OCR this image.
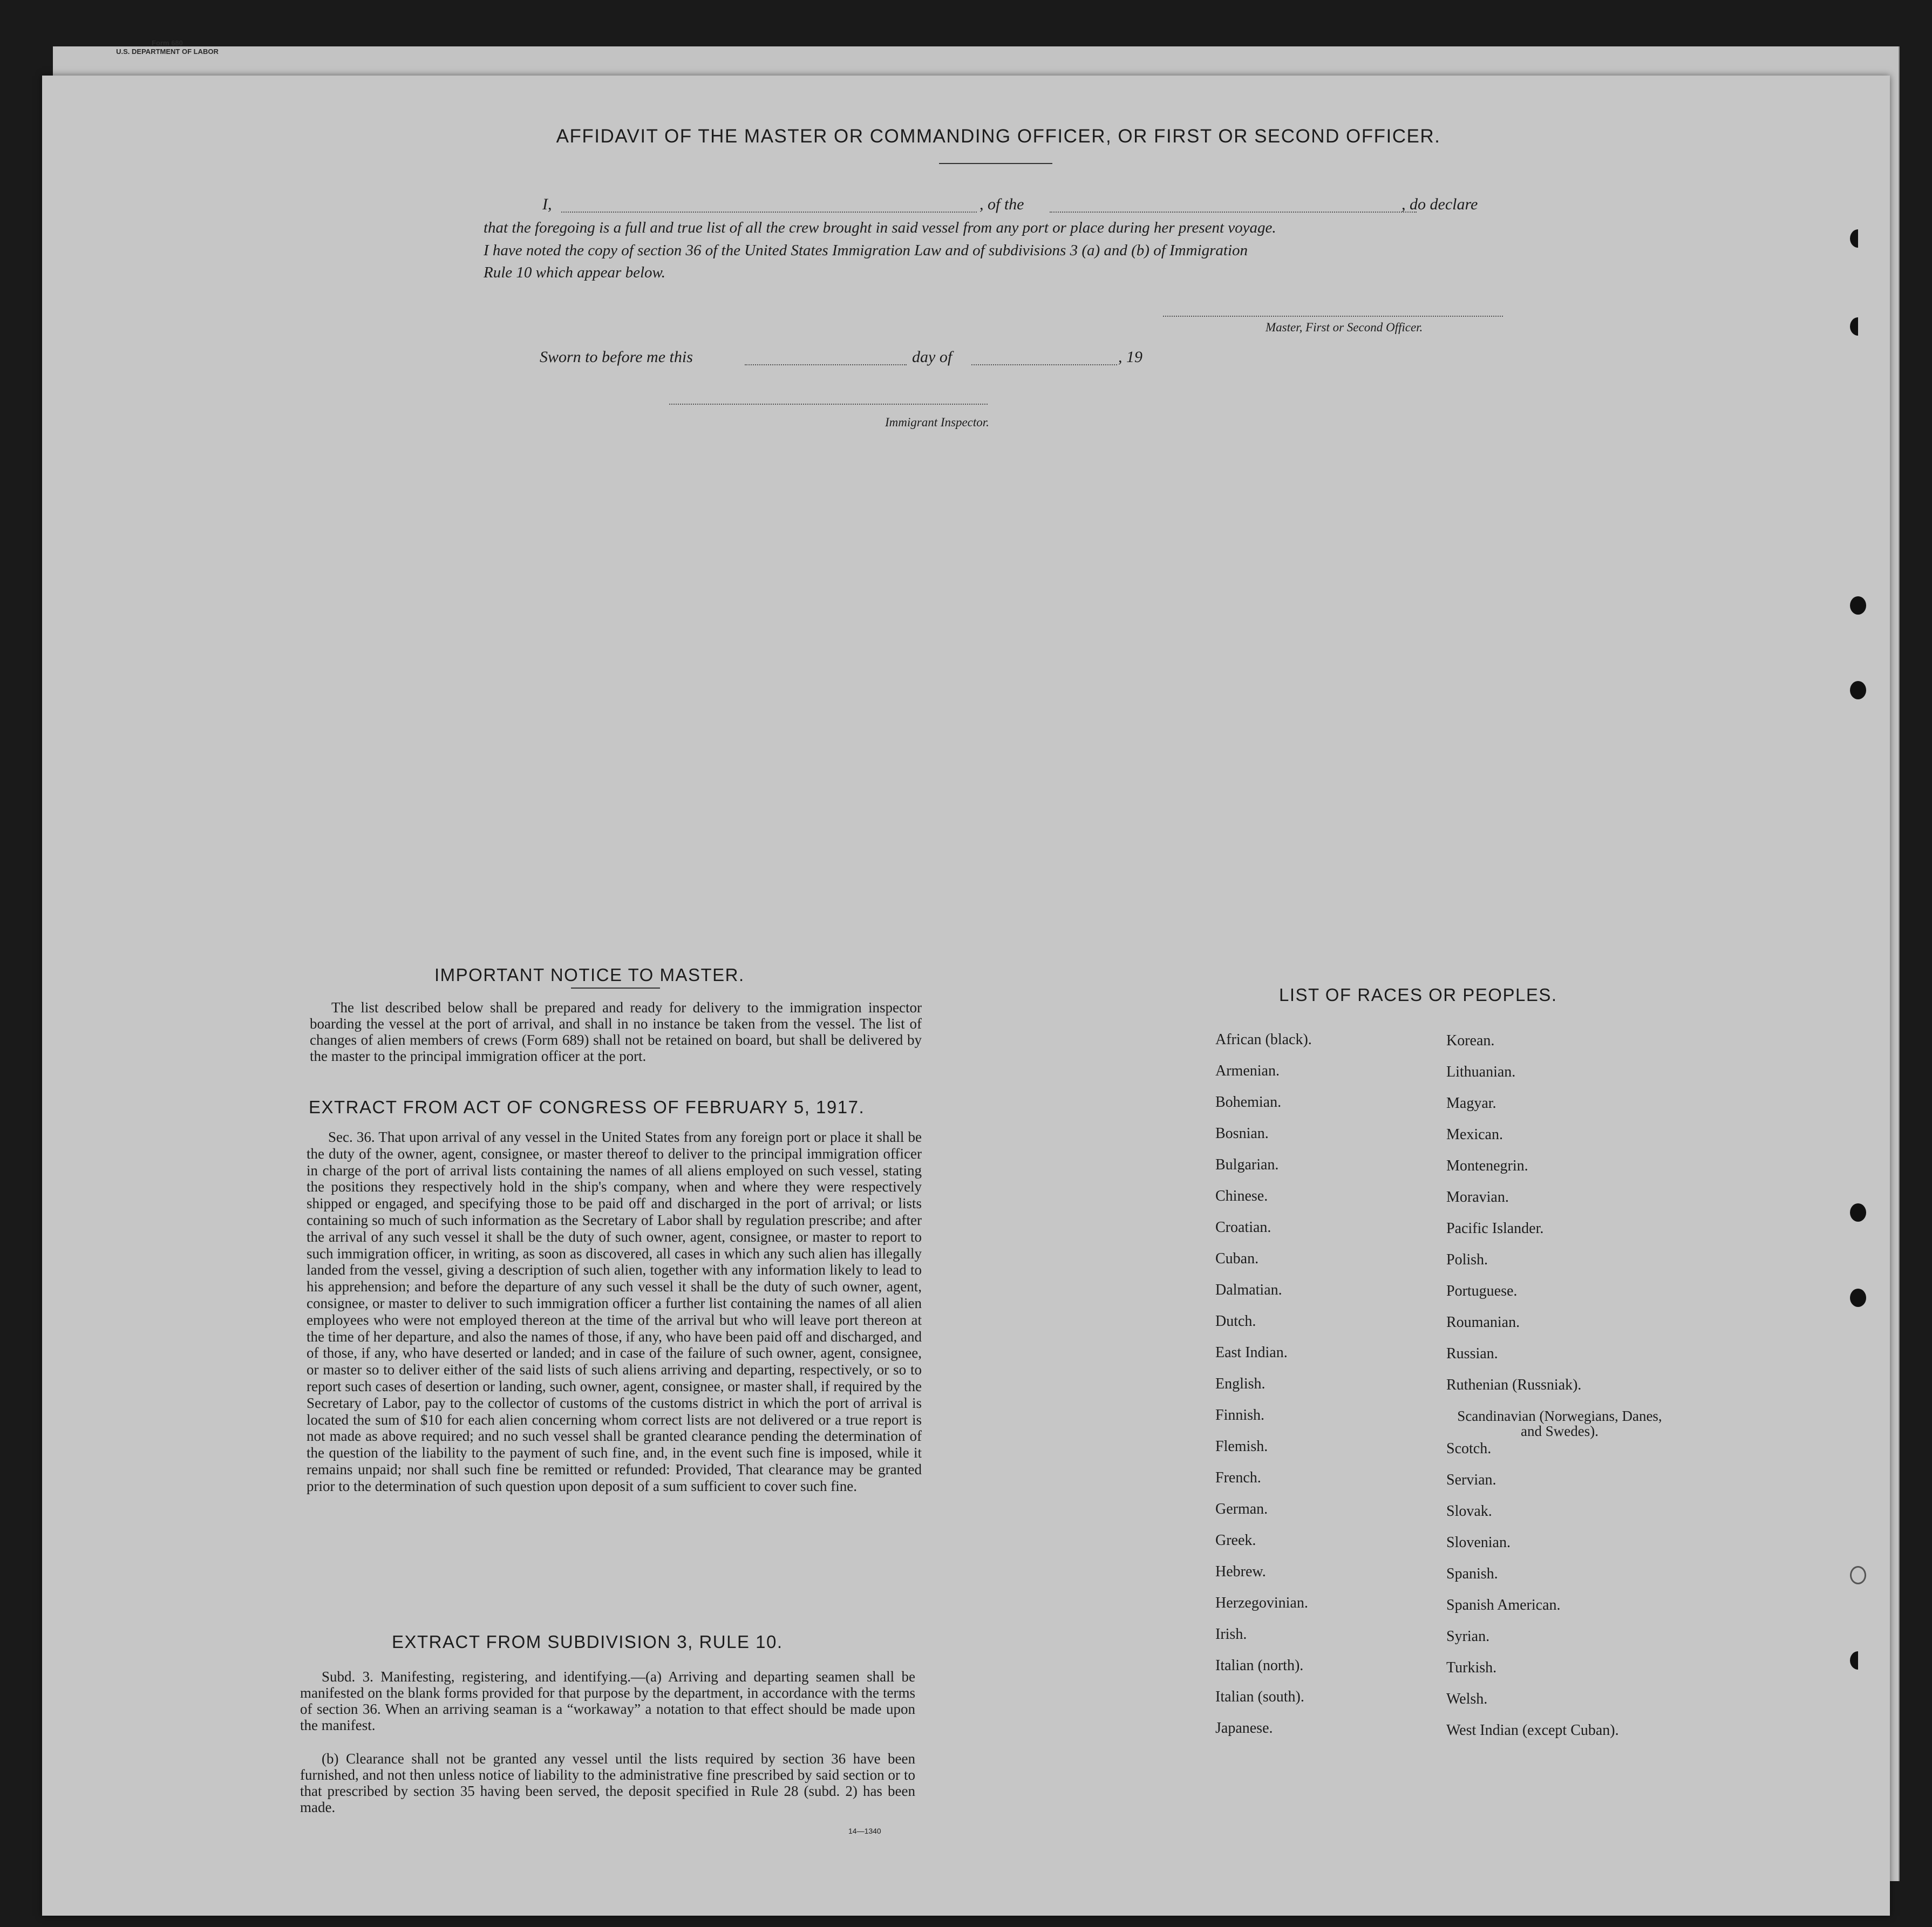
Form 680
U.S. DEPARTMENT OF LABOR
AFFIDAVIT OF THE MASTER OR COMMANDING OFFICER, OR FIRST OR SECOND OFFICER.
I,	, of the	, do declare
that the foregoing is a full and true list of all the crew brought in said vessel from any port or place during her present voyage.
I have noted the copy of section 36 of the United States Immigration Law and of subdivisions 3 (a) and (b) of Immigration
Rule 10 which appear below.
Master, First or Second Officer.
Sworn to before me this	day of	, 19
Immigrant Inspector.
IMPORTANT NOTICE TO MASTER.
The list described below shall be prepared and ready for delivery to the immigration inspector boarding the vessel at the port of arrival, and shall in no instance be taken from the vessel. The list of changes of alien members of crews (Form 689) shall not be retained on board, but shall be delivered by the master to the principal immigration officer at the port.
EXTRACT FROM ACT OF CONGRESS OF FEBRUARY 5, 1917.
Sec. 36. That upon arrival of any vessel in the United States from any foreign port or place it shall be the duty of the owner, agent, consignee, or master thereof to deliver to the principal immigration officer in charge of the port of arrival lists containing the names of all aliens employed on such vessel, stating the positions they respectively hold in the ship's company, when and where they were respectively shipped or engaged, and specifying those to be paid off and discharged in the port of arrival; or lists containing so much of such information as the Secretary of Labor shall by regulation prescribe; and after the arrival of any such vessel it shall be the duty of such owner, agent, consignee, or master to report to such immigration officer, in writing, as soon as discovered, all cases in which any such alien has illegally landed from the vessel, giving a description of such alien, together with any information likely to lead to his apprehension; and before the departure of any such vessel it shall be the duty of such owner, agent, consignee, or master to deliver to such immigration officer a further list containing the names of all alien employees who were not employed thereon at the time of the arrival but who will leave port thereon at the time of her departure, and also the names of those, if any, who have been paid off and discharged, and of those, if any, who have deserted or landed; and in case of the failure of such owner, agent, consignee, or master so to deliver either of the said lists of such aliens arriving and departing, respectively, or so to report such cases of desertion or landing, such owner, agent, consignee, or master shall, if required by the Secretary of Labor, pay to the collector of customs of the customs district in which the port of arrival is located the sum of $10 for each alien concerning whom correct lists are not delivered or a true report is not made as above required; and no such vessel shall be granted clearance pending the determination of the question of the liability to the payment of such fine, and, in the event such fine is imposed, while it remains unpaid; nor shall such fine be remitted or refunded: Provided, That clearance may be granted prior to the determination of such question upon deposit of a sum sufficient to cover such fine.
EXTRACT FROM SUBDIVISION 3, RULE 10.
Subd. 3. Manifesting, registering, and identifying.—(a) Arriving and departing seamen shall be manifested on the blank forms provided for that purpose by the department, in accordance with the terms of section 36. When an arriving seaman is a “workaway” a notation to that effect should be made upon the manifest.
(b) Clearance shall not be granted any vessel until the lists required by section 36 have been furnished, and not then unless notice of liability to the administrative fine prescribed by said section or to that prescribed by section 35 having been served, the deposit specified in Rule 28 (subd. 2) has been made.
14—1340
LIST OF RACES OR PEOPLES.
African (black).
Armenian.
Bohemian.
Bosnian.
Bulgarian.
Chinese.
Croatian.
Cuban.
Dalmatian.
Dutch.
East Indian.
English.
Finnish.
Flemish.
French.
German.
Greek.
Hebrew.
Herzegovinian.
Irish.
Italian (north).
Italian (south).
Japanese.
Korean.
Lithuanian.
Magyar.
Mexican.
Montenegrin.
Moravian.
Pacific Islander.
Polish.
Portuguese.
Roumanian.
Russian.
Ruthenian (Russniak).
Scandinavian (Norwegians, Danes, and Swedes).
Scotch.
Servian.
Slovak.
Slovenian.
Spanish.
Spanish American.
Syrian.
Turkish.
Welsh.
West Indian (except Cuban).
